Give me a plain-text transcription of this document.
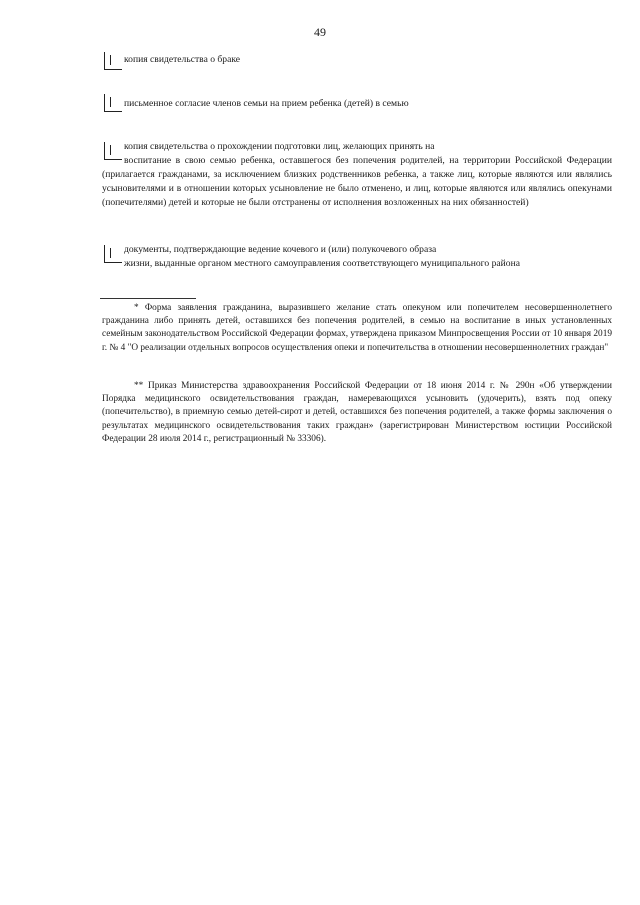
49
копия свидетельства о браке
письменное согласие членов семьи на прием ребенка (детей) в семью
копия свидетельства о прохождении подготовки лиц, желающих принять на
воспитание в свою семью ребенка, оставшегося без попечения родителей, на территории Российской Федерации (прилагается гражданами, за исключением близких родственников ребенка, а также лиц, которые являются или являлись усыновителями и в отношении которых усыновление не было отменено, и лиц, которые являются или являлись опекунами (попечителями) детей и которые не были отстранены от исполнения возложенных на них обязанностей)
документы, подтверждающие ведение кочевого и (или) полукочевого образа
жизни, выданные органом местного самоуправления соответствующего муниципального района
* Форма заявления гражданина, выразившего желание стать опекуном или попечителем несовершеннолетнего гражданина либо принять детей, оставшихся без попечения родителей, в семью на воспитание в иных установленных семейным законодательством Российской Федерации формах, утверждена приказом Минпросвещения России от 10 января 2019 г. № 4 "О реализации отдельных вопросов осуществления опеки и попечительства в отношении несовершеннолетних граждан"
** Приказ Министерства здравоохранения Российской Федерации от 18 июня 2014 г. № 290н «Об утверждении Порядка медицинского освидетельствования граждан, намеревающихся усыновить (удочерить), взять под опеку (попечительство), в приемную семью детей-сирот и детей, оставшихся без попечения родителей, а также формы заключения о результатах медицинского освидетельствования таких граждан» (зарегистрирован Министерством юстиции Российской Федерации 28 июля 2014 г., регистрационный № 33306).
